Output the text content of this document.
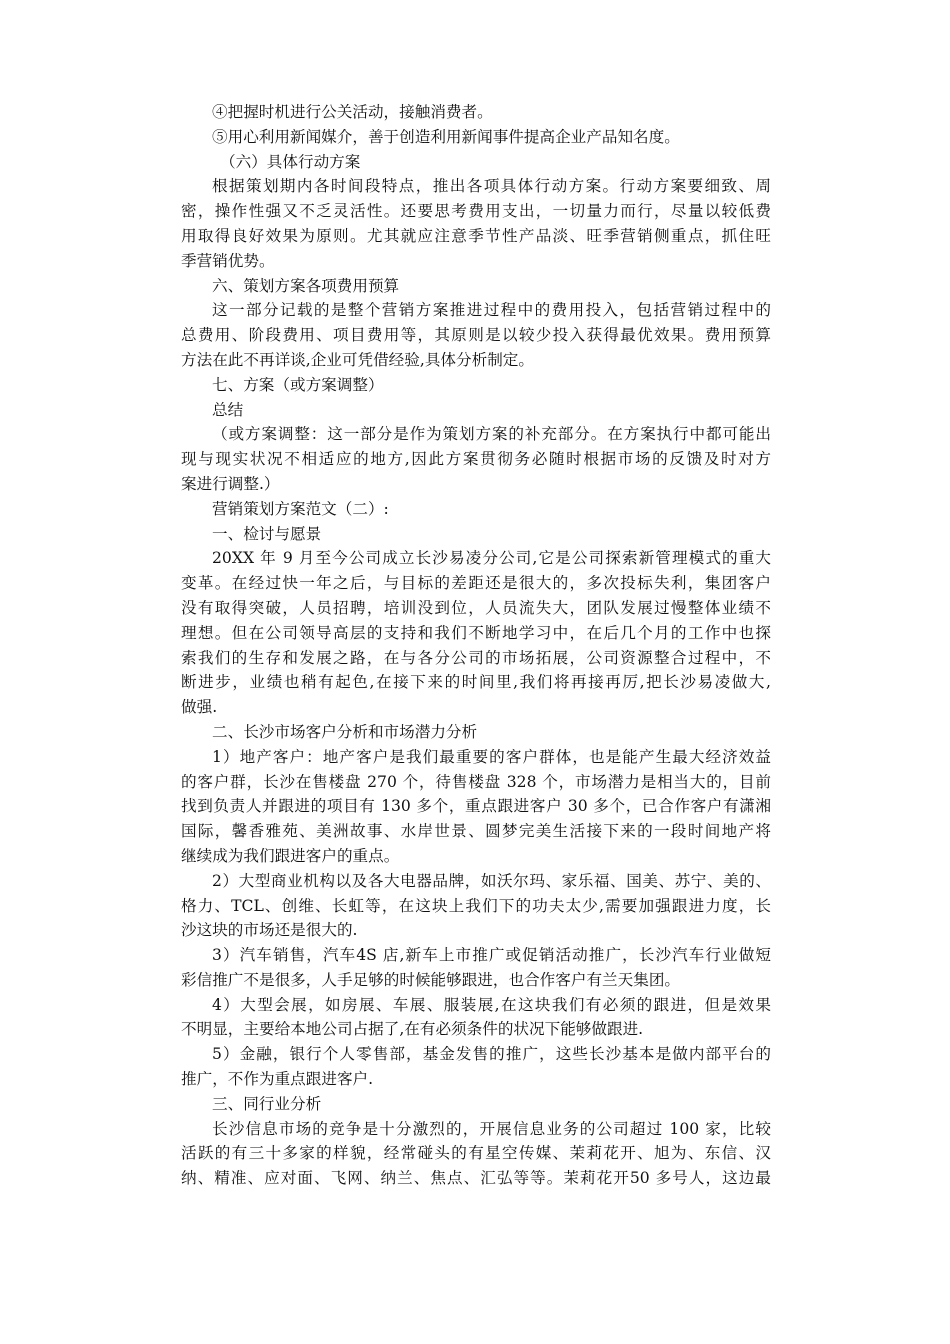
④把握时机进行公关活动，接触消费者。
⑤用心利用新闻媒介，善于创造利用新闻事件提高企业产品知名度。
（六）具体行动方案
根据策划期内各时间段特点，推出各项具体行动方案。行动方案要细致、周
密，操作性强又不乏灵活性。还要思考费用支出，一切量力而行，尽量以较低费
用取得良好效果为原则。尤其就应注意季节性产品淡、旺季营销侧重点，抓住旺
季营销优势。
六、策划方案各项费用预算
这一部分记载的是整个营销方案推进过程中的费用投入，包括营销过程中的
总费用、阶段费用、项目费用等，其原则是以较少投入获得最优效果。费用预算
方法在此不再详谈,企业可凭借经验,具体分析制定。
七、方案（或方案调整）
总结
（或方案调整：这一部分是作为策划方案的补充部分。在方案执行中都可能出
现与现实状况不相适应的地方,因此方案贯彻务必随时根据市场的反馈及时对方
案进行调整.）
营销策划方案范文（二）:
一、检讨与愿景
20XX 年 9 月至今公司成立长沙易凌分公司,它是公司探索新管理模式的重大
变革。在经过快一年之后，与目标的差距还是很大的，多次投标失利，集团客户
没有取得突破，人员招聘，培训没到位，人员流失大，团队发展过慢整体业绩不
理想。但在公司领导高层的支持和我们不断地学习中，在后几个月的工作中也探
索我们的生存和发展之路，在与各分公司的市场拓展，公司资源整合过程中，不
断进步，业绩也稍有起色,在接下来的时间里,我们将再接再厉,把长沙易凌做大,
做强.
二、长沙市场客户分析和市场潜力分析
1）地产客户：地产客户是我们最重要的客户群体，也是能产生最大经济效益
的客户群，长沙在售楼盘 270 个，待售楼盘 328 个，市场潜力是相当大的，目前
找到负责人并跟进的项目有 130 多个，重点跟进客户 30 多个，已合作客户有潇湘
国际，馨香雅苑、美洲故事、水岸世景、圆梦完美生活接下来的一段时间地产将
继续成为我们跟进客户的重点。
2）大型商业机构以及各大电器品牌，如沃尔玛、家乐福、国美、苏宁、美的、
格力、TCL、创维、长虹等，在这块上我们下的功夫太少,需要加强跟进力度，长
沙这块的市场还是很大的.
3）汽车销售，汽车4S 店,新车上市推广或促销活动推广，长沙汽车行业做短
彩信推广不是很多，人手足够的时候能够跟进，也合作客户有兰天集团。
4）大型会展，如房展、车展、服装展,在这块我们有必须的跟进，但是效果
不明显，主要给本地公司占据了,在有必须条件的状况下能够做跟进.
5）金融，银行个人零售部，基金发售的推广，这些长沙基本是做内部平台的
推广，不作为重点跟进客户.
三、同行业分析
长沙信息市场的竞争是十分激烈的，开展信息业务的公司超过 100 家，比较
活跃的有三十多家的样貌，经常碰头的有星空传媒、茉莉花开、旭为、东信、汉
纳、精准、应对面、飞网、纳兰、焦点、汇弘等等。茉莉花开50 多号人，这边最
